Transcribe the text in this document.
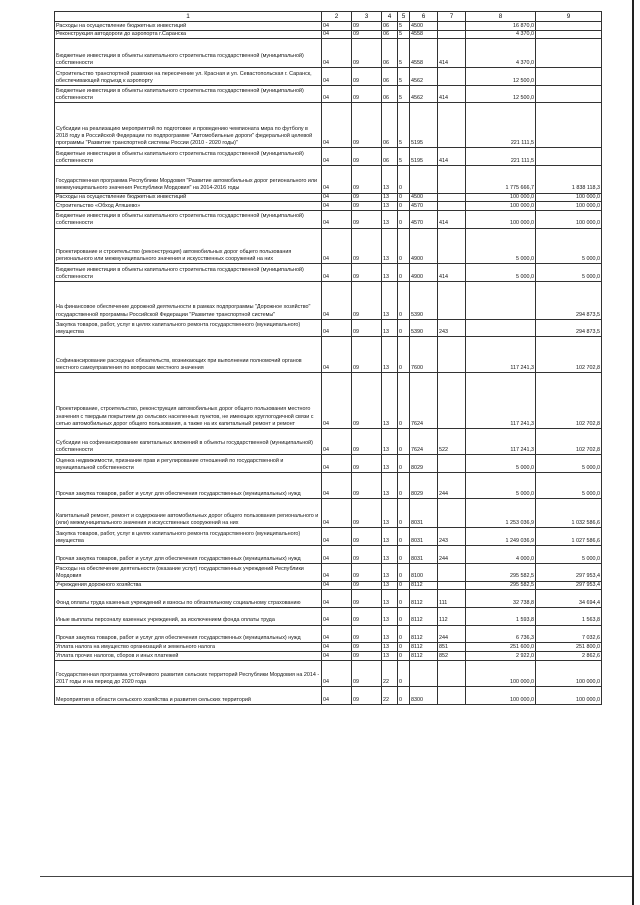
1	2	3	4	5	6	7	8	9
Расходы на осуществление бюджетных инвестиций	04	09	06	5	4500		16 870,0	
Реконструкция автодороги до аэропорта г.Саранска	04	09	06	5	4558		4 370,0	
Бюджетные инвестиции в объекты капитального строительства государственной (муниципальной) собственности	04	09	06	5	4558	414	4 370,0	
Строительство транспортной развязки на пересечение ул. Красная и ул. Севастопольская г. Саранск, обеспечивающей подъезд к аэропорту	04	09	06	5	4562		12 500,0	
Бюджетные инвестиции в объекты капитального строительства государственной (муниципальной) собственности	04	09	06	5	4562	414	12 500,0	
Субсидии на реализацию мероприятий по подготовке и проведению чемпионата мира по футболу в 2018 году в Российской Федерации по подпрограмме "Автомобильные дороги" федеральной целевой программы "Развитие транспортной системы России (2010 - 2020 годы)"	04	09	06	5	5195		221 111,5	
Бюджетные инвестиции в объекты капитального строительства государственной (муниципальной) собственности	04	09	06	5	5195	414	221 111,5	
Государственная программа Республики Мордовия "Развитие автомобильных дорог регионального или межмуниципального значения Республики Мордовия" на 2014-2016 годы	04	09	13	0			1 775 666,7	1 838 118,3
Расходы на осуществление бюджетных инвестиций	04	09	13	0	4500		100 000,0	100 000,0
Строительство «Обход Атяшево»	04	09	13	0	4570		100 000,0	100 000,0
Бюджетные инвестиции в объекты капитального строительства государственной (муниципальной) собственности	04	09	13	0	4570	414	100 000,0	100 000,0
Проектирование и строительство (реконструкция) автомобильных дорог общего пользования регионального или межмуниципального значения и искусственных сооружений на них	04	09	13	0	4900		5 000,0	5 000,0
Бюджетные инвестиции в объекты капитального строительства государственной (муниципальной) собственности	04	09	13	0	4900	414	5 000,0	5 000,0
На финансовое обеспечение дорожной деятельности в рамках подпрограммы "Дорожное хозяйство" государственной программы Российской Федерации "Развитие транспортной системы"	04	09	13	0	5390			294 873,5
Закупка товаров, работ, услуг в целях капитального ремонта государственного (муниципального) имущества	04	09	13	0	5390	243		294 873,5
Софинансирование расходных обязательств, возникающих при выполнении полномочий органов местного самоуправления по вопросам местного значения	04	09	13	0	7600		117 241,3	102 702,8
Проектирование, строительство, реконструкция автомобильных дорог общего пользования местного значения с твердым покрытием до сельских населенных пунктов, не имеющих круглогодичной связи с сетью автомобильных дорог общего пользования, а также на их капитальный ремонт и ремонт	04	09	13	0	7624		117 241,3	102 702,8
Субсидии на софинансирование капитальных вложений в объекты государственной (муниципальной) собственности	04	09	13	0	7624	522	117 241,3	102 702,8
Оценка недвижимости, признание прав и регулирование отношений по государственной и муниципальной собственности	04	09	13	0	8029		5 000,0	5 000,0
Прочая закупка товаров, работ и услуг для обеспечения государственных (муниципальных) нужд	04	09	13	0	8029	244	5 000,0	5 000,0
Капитальный ремонт, ремонт и содержание автомобильных дорог общего пользования регионального и (или) межмуниципального значения и искусственных сооружений на них	04	09	13	0	8031		1 253 036,9	1 032 586,6
Закупка товаров, работ, услуг в целях капитального ремонта государственного (муниципального) имущества	04	09	13	0	8031	243	1 249 036,9	1 027 586,6
Прочая закупка товаров, работ и услуг для обеспечения государственных (муниципальных) нужд	04	09	13	0	8031	244	4 000,0	5 000,0
Расходы на обеспечение деятельности (оказание услуг) государственных учреждений Республики Мордовия	04	09	13	0	8100		295 582,5	297 953,4
Учреждения дорожного хозяйства	04	09	13	0	8112		295 582,5	297 953,4
Фонд оплаты труда казенных учреждений и взносы по обязательному социальному страхованию	04	09	13	0	8112	111	32 738,8	34 694,4
Иные выплаты персоналу казенных учреждений, за исключением фонда оплаты труда	04	09	13	0	8112	112	1 593,8	1 563,8
Прочая закупка товаров, работ и услуг для обеспечения государственных (муниципальных) нужд	04	09	13	0	8112	244	6 736,3	7 032,6
Уплата налога на имущество организаций и земельного налога	04	09	13	0	8112	851	251 600,0	251 800,0
Уплата прочих налогов, сборов и иных платежей	04	09	13	0	8112	852	2 922,0	2 862,6
Государственная программа устойчивого развития сельских территорий Республики Мордовия на 2014 - 2017 годы и на период до 2020 года	04	09	22	0			100 000,0	100 000,0
Мероприятия в области сельского хозяйства и развития сельских территорий	04	09	22	0	8300		100 000,0	100 000,0
